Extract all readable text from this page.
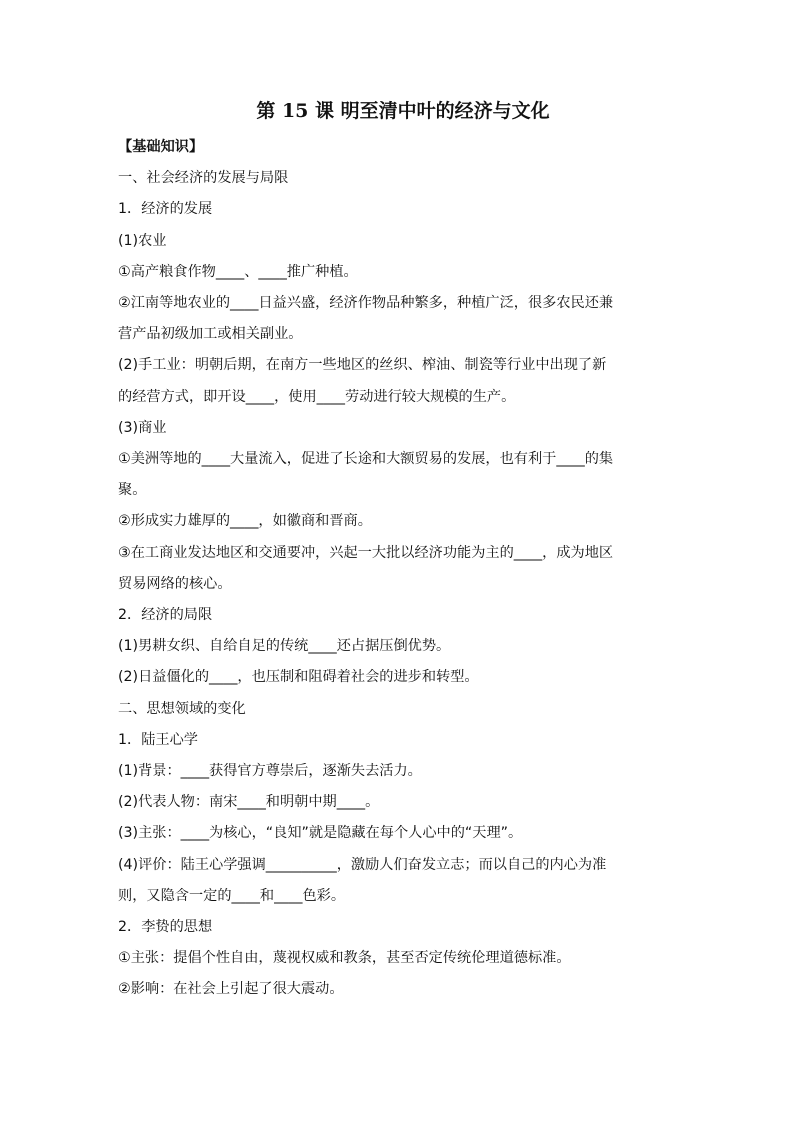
第 15 课 明至清中叶的经济与文化

【基础知识】

一、社会经济的发展与局限

1．经济的发展

(1)农业

①高产粮食作物____、____推广种植。

②江南等地农业的____日益兴盛，经济作物品种繁多，种植广泛，很多农民还兼

营产品初级加工或相关副业。

(2)手工业：明朝后期，在南方一些地区的丝织、榨油、制瓷等行业中出现了新

的经营方式，即开设____，使用____劳动进行较大规模的生产。

(3)商业

①美洲等地的____大量流入，促进了长途和大额贸易的发展，也有利于____的集

聚。

②形成实力雄厚的____，如徽商和晋商。

③在工商业发达地区和交通要冲，兴起一大批以经济功能为主的____，成为地区

贸易网络的核心。

2．经济的局限

(1)男耕女织、自给自足的传统____还占据压倒优势。

(2)日益僵化的____，也压制和阻碍着社会的进步和转型。

二、思想领域的变化

1．陆王心学

(1)背景：____获得官方尊崇后，逐渐失去活力。

(2)代表人物：南宋____和明朝中期____。

(3)主张：____为核心，“良知”就是隐藏在每个人心中的“天理”。

(4)评价：陆王心学强调__________，激励人们奋发立志；而以自己的内心为准

则，又隐含一定的____和____色彩。

2．李贽的思想

①主张：提倡个性自由，蔑视权威和教条，甚至否定传统伦理道德标准。

②影响：在社会上引起了很大震动。
